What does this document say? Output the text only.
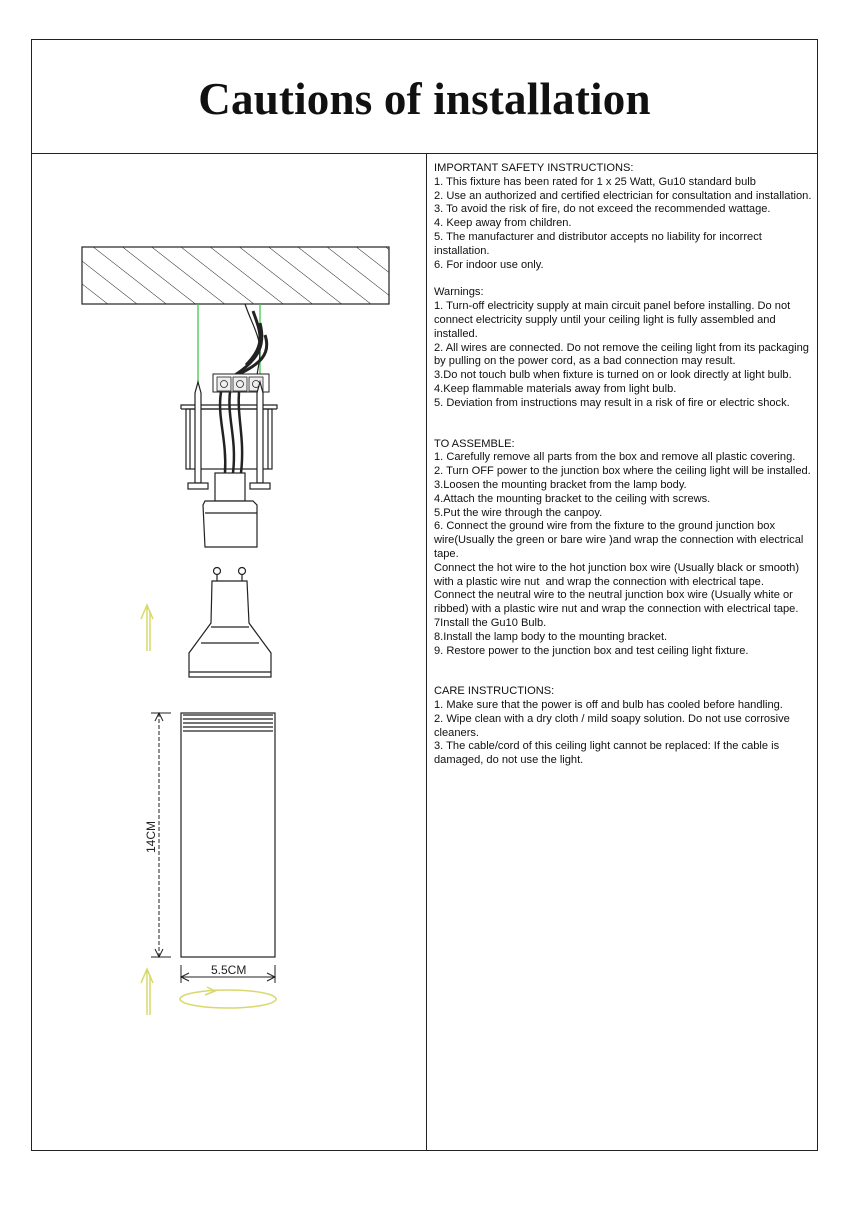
Cautions of installation
IMPORTANT SAFETY INSTRUCTIONS:
1. This fixture has been rated for 1 x 25 Watt, Gu10 standard bulb
2. Use an authorized and certified electrician for consultation and installation.
3. To avoid the risk of fire, do not exceed the recommended wattage.
4. Keep away from children.
5. The manufacturer and distributor accepts no liability for incorrect installation.
6. For indoor use only.
Warnings:
1. Turn-off electricity supply at main circuit panel before installing. Do not connect electricity supply until your ceiling light is fully assembled and installed.
2. All wires are connected. Do not remove the ceiling light from its packaging by pulling on the power cord, as a bad connection may result.
3.Do not touch bulb when fixture is turned on or look directly at light bulb.
4.Keep flammable materials away from light bulb.
5. Deviation from instructions may result in a risk of fire or electric shock.
TO ASSEMBLE:
1. Carefully remove all parts from the box and remove all plastic covering.
2. Turn OFF power to the junction box where the ceiling light will be installed.
3.Loosen the mounting bracket from the lamp body.
4.Attach the mounting bracket to the ceiling with screws.
5.Put the wire through the canpoy.
6. Connect the ground wire from the fixture to the ground junction box wire(Usually the green or bare wire )and wrap the connection with electrical tape.
Connect the hot wire to the hot junction box wire (Usually black or smooth) with a plastic wire nut  and wrap the connection with electrical tape.
Connect the neutral wire to the neutral junction box wire (Usually white or ribbed) with a plastic wire nut and wrap the connection with electrical tape.
7Install the Gu10 Bulb.
8.Install the lamp body to the mounting bracket.
9. Restore power to the junction box and test ceiling light fixture.
CARE INSTRUCTIONS:
1. Make sure that the power is off and bulb has cooled before handling.
2. Wipe clean with a dry cloth / mild soapy solution. Do not use corrosive cleaners.
3. The cable/cord of this ceiling light cannot be replaced: If the cable is damaged, do not use the light.
14CM
5.5CM
